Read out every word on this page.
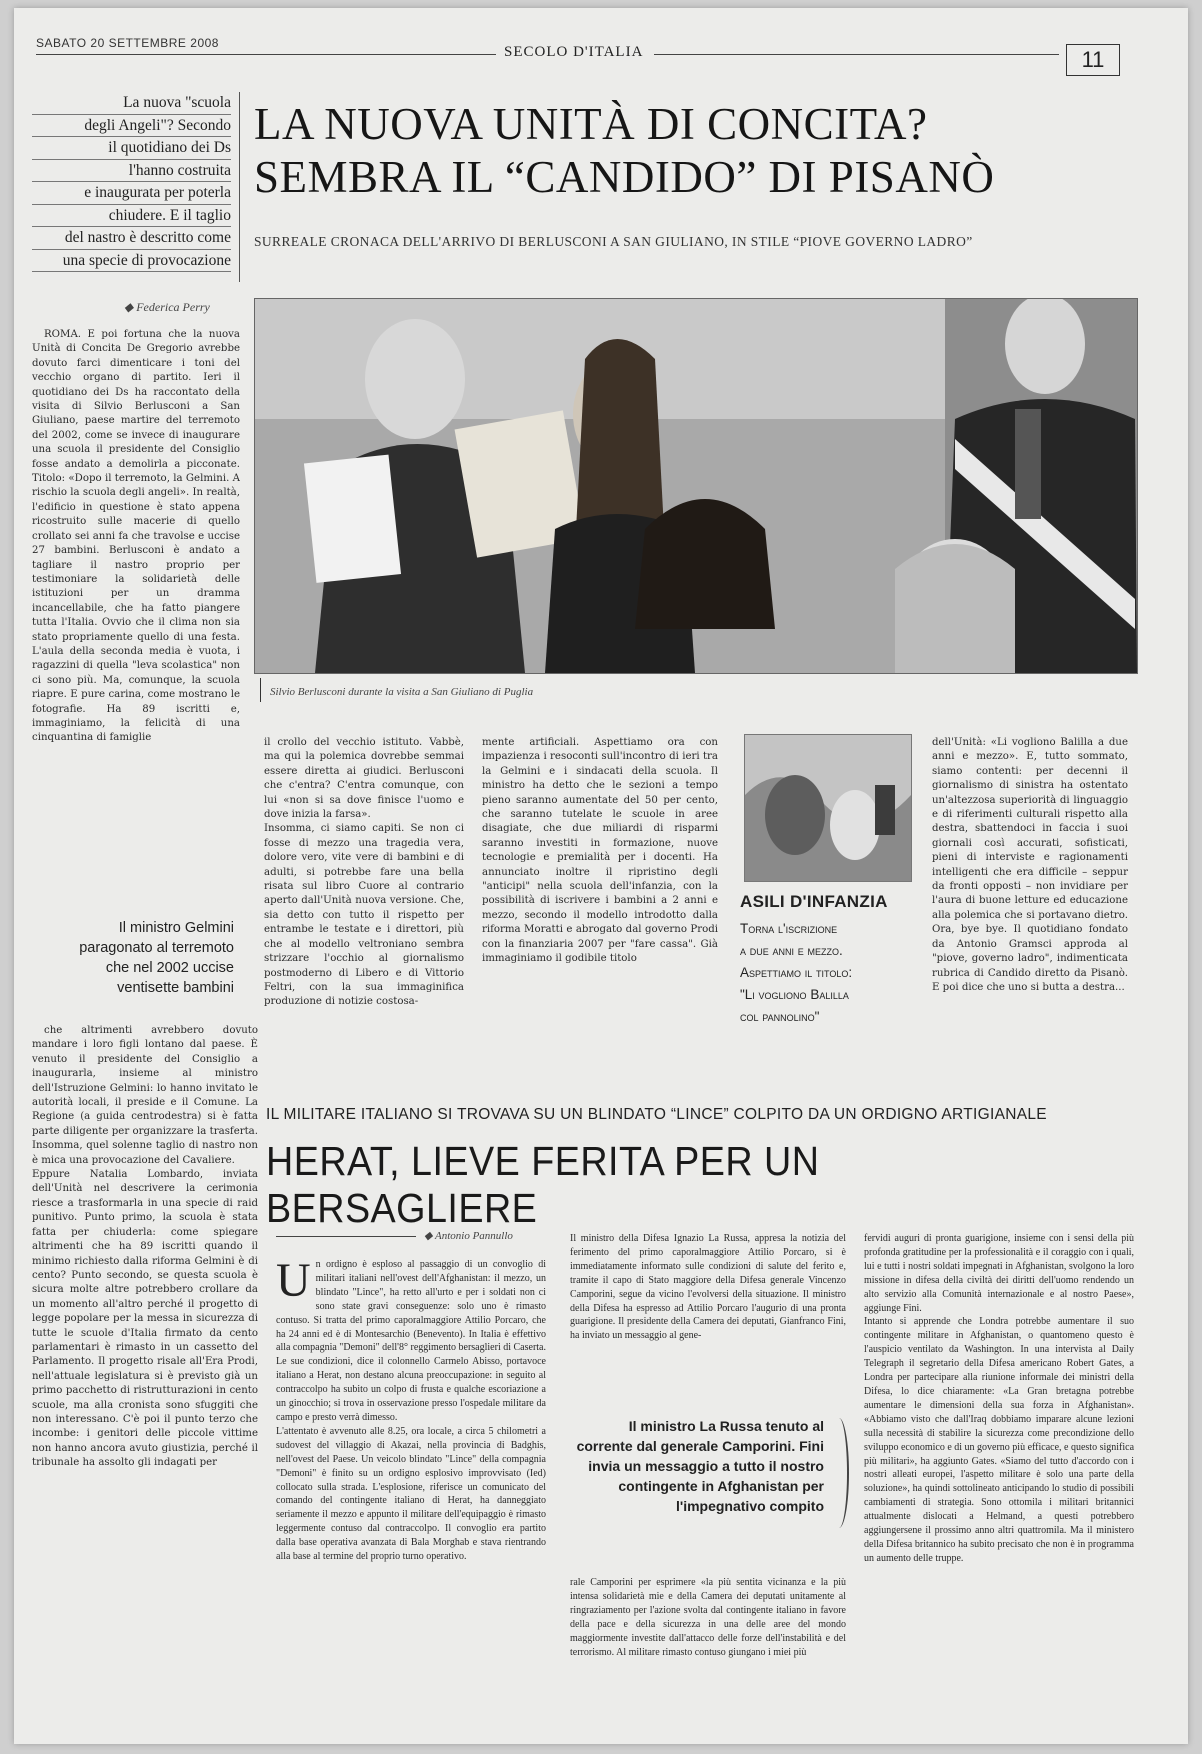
SABATO 20 SETTEMBRE 2008
SECOLO D'ITALIA	11
La nuova "scuola
degli Angeli"? Secondo
il quotidiano dei Ds
l'hanno costruita
e inaugurata per poterla
chiudere. E il taglio
del nastro è descritto come
una specie di provocazione
LA NUOVA UNITÀ DI CONCITA?
SEMBRA IL “CANDIDO” DI PISANÒ
SURREALE CRONACA DELL'ARRIVO DI BERLUSCONI A SAN GIULIANO, IN STILE “PIOVE GOVERNO LADRO”
◆ Federica Perry

ROMA. E poi fortuna che la nuova Unità di Concita De Gregorio avrebbe dovuto farci dimenticare i toni del vecchio organo di partito. Ieri il quotidiano dei Ds ha raccontato della visita di Silvio Berlusconi a San Giuliano, paese martire del terremoto del 2002, come se invece di inaugurare una scuola il presidente del Consiglio fosse andato a demolirla a picconate. Titolo: «Dopo il terremoto, la Gelmini. A rischio la scuola degli angeli». In realtà, l'edificio in questione è stato appena ricostruito sulle macerie di quello crollato sei anni fa che travolse e uccise 27 bambini. Berlusconi è andato a tagliare il nastro proprio per testimoniare la solidarietà delle istituzioni per un dramma incancellabile, che ha fatto piangere tutta l'Italia. Ovvio che il clima non sia stato propriamente quello di una festa. L'aula della seconda media è vuota, i ragazzini di quella "leva scolastica" non ci sono più. Ma, comunque, la scuola riapre. E pure carina, come mostrano le fotografie. Ha 89 iscritti e, immaginiamo, la felicità di una cinquantina di famiglie

Il ministro Gelmini paragonato al terremoto che nel 2002 uccise ventisette bambini

che altrimenti avrebbero dovuto mandare i loro figli lontano dal paese. È venuto il presidente del Consiglio a inaugurarla, insieme al ministro dell'Istruzione Gelmini: lo hanno invitato le autorità locali, il preside e il Comune. La Regione (a guida centrodestra) si è fatta parte diligente per organizzare la trasferta. Insomma, quel solenne taglio di nastro non è mica una provocazione del Cavaliere.
Eppure Natalia Lombardo, inviata dell'Unità nel descrivere la cerimonia riesce a trasformarla in una specie di raid punitivo. Punto primo, la scuola è stata fatta per chiuderla: come spiegare altrimenti che ha 89 iscritti quando il minimo richiesto dalla riforma Gelmini è di cento? Punto secondo, se questa scuola è sicura molte altre potrebbero crollare da un momento all'altro perché il progetto di legge popolare per la messa in sicurezza di tutte le scuole d'Italia firmato da cento parlamentari è rimasto in un cassetto del Parlamento. Il progetto risale all'Era Prodi, nell'attuale legislatura si è previsto già un primo pacchetto di ristrutturazioni in cento scuole, ma alla cronista sono sfuggiti che non interessano. C'è poi il punto terzo che incombe: i genitori delle piccole vittime non hanno ancora avuto giustizia, perché il tribunale ha assolto gli indagati per

Silvio Berlusconi durante la visita a San Giuliano di Puglia

il crollo del vecchio istituto. Vabbè, ma qui la polemica dovrebbe semmai essere diretta ai giudici. Berlusconi che c'entra? C'entra comunque, con lui «non si sa dove finisce l'uomo e dove inizia la farsa».
Insomma, ci siamo capiti. Se non ci fosse di mezzo una tragedia vera, dolore vero, vite vere di bambini e di adulti, si potrebbe fare una bella risata sul libro Cuore al contrario aperto dall'Unità nuova versione. Che, sia detto con tutto il rispetto per entrambe le testate e i direttori, più che al modello veltroniano sembra strizzare l'occhio al giornalismo postmoderno di Libero e di Vittorio Feltri, con la sua immaginifica produzione di notizie costosa-

mente artificiali. Aspettiamo ora con impazienza i resoconti sull'incontro di ieri tra la Gelmini e i sindacati della scuola. Il ministro ha detto che le sezioni a tempo pieno saranno aumentate del 50 per cento, che saranno tutelate le scuole in aree disagiate, che due miliardi di risparmi saranno investiti in formazione, nuove tecnologie e premialità per i docenti. Ha annunciato inoltre il ripristino degli "anticipi" nella scuola dell'infanzia, con la possibilità di iscrivere i bambini a 2 anni e mezzo, secondo il modello introdotto dalla riforma Moratti e abrogato dal governo Prodi con la finanziaria 2007 per "fare cassa". Già immaginiamo il godibile titolo

ASILI D'INFANZIA
Torna l'iscrizione
a due anni e mezzo.
Aspettiamo il titolo:
"Li vogliono Balilla
col pannolino"

dell'Unità: «Li vogliono Balilla a due anni e mezzo». E, tutto sommato, siamo contenti: per decenni il giornalismo di sinistra ha ostentato un'altezzosa superiorità di linguaggio e di riferimenti culturali rispetto alla destra, sbattendoci in faccia i suoi giornali così accurati, sofisticati, pieni di interviste e ragionamenti intelligenti che era difficile – seppur da fronti opposti – non invidiare per l'aura di buone letture ed educazione alla polemica che si portavano dietro. Ora, bye bye. Il quotidiano fondato da Antonio Gramsci approda al "piove, governo ladro", indimenticata rubrica di Candido diretto da Pisanò. E poi dice che uno si butta a destra...

IL MILITARE ITALIANO SI TROVAVA SU UN BLINDATO “LINCE” COLPITO DA UN ORDIGNO ARTIGIANALE
HERAT, LIEVE FERITA PER UN BERSAGLIERE
◆ Antonio Pannullo
U n ordigno è esploso al passaggio di un convoglio di militari italiani nell'ovest dell'Afghanistan: il mezzo, un blindato "Lince", ha retto all'urto e per i soldati non ci sono state gravi conseguenze: solo uno è rimasto contuso. Si tratta del primo caporalmaggiore Attilio Porcaro, che ha 24 anni ed è di Montesarchio (Benevento). In Italia è effettivo alla compagnia "Demoni" dell'8° reggimento bersaglieri di Caserta. Le sue condizioni, dice il colonnello Carmelo Abisso, portavoce italiano a Herat, non destano alcuna preoccupazione: in seguito al contraccolpo ha subito un colpo di frusta e qualche escoriazione a un ginocchio; si trova in osservazione presso l'ospedale militare da campo e presto verrà dimesso.
L'attentato è avvenuto alle 8.25, ora locale, a circa 5 chilometri a sudovest del villaggio di Akazai, nella provincia di Badghis, nell'ovest del Paese. Un veicolo blindato "Lince" della compagnia "Demoni" è finito su un ordigno esplosivo improvvisato (Ied) collocato sulla strada. L'esplosione, riferisce un comunicato del comando del contingente italiano di Herat, ha danneggiato seriamente il mezzo e appunto il militare dell'equipaggio è rimasto leggermente contuso dal contraccolpo. Il convoglio era partito dalla base operativa avanzata di Bala Morghab e stava rientrando alla base al termine del proprio turno operativo.

Il ministro della Difesa Ignazio La Russa, appresa la notizia del ferimento del primo caporalmaggiore Attilio Porcaro, si è immediatamente informato sulle condizioni di salute del ferito e, tramite il capo di Stato maggiore della Difesa generale Vincenzo Camporini, segue da vicino l'evolversi della situazione. Il ministro della Difesa ha espresso ad Attilio Porcaro l'augurio di una pronta guarigione. Il presidente della Camera dei deputati, Gianfranco Fini, ha inviato un messaggio al gene-

Il ministro La Russa tenuto al corrente dal generale Camporini. Fini invia un messaggio a tutto il nostro contingente in Afghanistan per l'impegnativo compito

rale Camporini per esprimere «la più sentita vicinanza e la più intensa solidarietà mie e della Camera dei deputati unitamente al ringraziamento per l'azione svolta dal contingente italiano in favore della pace e della sicurezza in una delle aree del mondo maggiormente investite dall'attacco delle forze dell'instabilità e del terrorismo. Al militare rimasto contuso giungano i miei più

fervidi auguri di pronta guarigione, insieme con i sensi della più profonda gratitudine per la professionalità e il coraggio con i quali, lui e tutti i nostri soldati impegnati in Afghanistan, svolgono la loro missione in difesa della civiltà dei diritti dell'uomo rendendo un alto servizio alla Comunità internazionale e al nostro Paese», aggiunge Fini.
Intanto si apprende che Londra potrebbe aumentare il suo contingente militare in Afghanistan, o quantomeno questo è l'auspicio ventilato da Washington. In una intervista al Daily Telegraph il segretario della Difesa americano Robert Gates, a Londra per partecipare alla riunione informale dei ministri della Difesa, lo dice chiaramente: «La Gran bretagna potrebbe aumentare le dimensioni della sua forza in Afghanistan». «Abbiamo visto che dall'Iraq dobbiamo imparare alcune lezioni sulla necessità di stabilire la sicurezza come precondizione dello sviluppo economico e di un governo più efficace, e questo significa più militari», ha aggiunto Gates. «Siamo del tutto d'accordo con i nostri alleati europei, l'aspetto militare è solo una parte della soluzione», ha quindi sottolineato anticipando lo studio di possibili cambiamenti di strategia. Sono ottomila i militari britannici attualmente dislocati a Helmand, a questi potrebbero aggiungersene il prossimo anno altri quattromila. Ma il ministero della Difesa britannico ha subito precisato che non è in programma un aumento delle truppe.
